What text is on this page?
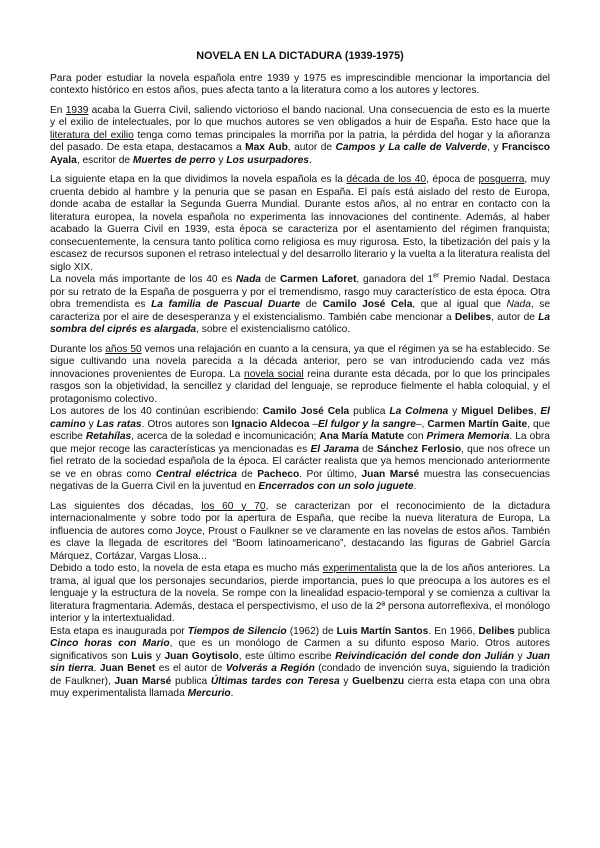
NOVELA EN LA DICTADURA (1939-1975)

Para poder estudiar la novela española entre 1939 y 1975 es imprescindible mencionar la importancia del contexto histórico en estos años, pues afecta tanto a la literatura como a los autores y lectores.

En 1939 acaba la Guerra Civil, saliendo victorioso el bando nacional. Una consecuencia de esto es la muerte y el exilio de intelectuales, por lo que muchos autores se ven obligados a huir de España. Esto hace que la literatura del exilio tenga como temas principales la morriña por la patria, la pérdida del hogar y la añoranza del pasado. De esta etapa, destacamos a Max Aub, autor de Campos y La calle de Valverde, y Francisco Ayala, escritor de Muertes de perro y Los usurpadores.

La siguiente etapa en la que dividimos la novela española es la década de los 40, época de posguerra, muy cruenta debido al hambre y la penuria que se pasan en España. El país está aislado del resto de Europa, donde acaba de estallar la Segunda Guerra Mundial. Durante estos años, al no entrar en contacto con la literatura europea, la novela española no experimenta las innovaciones del continente. Además, al haber acabado la Guerra Civil en 1939, esta época se caracteriza por el asentamiento del régimen franquista; consecuentemente, la censura tanto política como religiosa es muy rigurosa. Esto, la tibetización del país y la escasez de recursos suponen el retraso intelectual y del desarrollo literario y la vuelta a la literatura realista del siglo XIX.

La novela más importante de los 40 es Nada de Carmen Laforet, ganadora del 1er Premio Nadal. Destaca por su retrato de la España de posguerra y por el tremendismo, rasgo muy característico de esta época. Otra obra tremendista es La familia de Pascual Duarte de Camilo José Cela, que al igual que Nada, se caracteriza por el aire de desesperanza y el existencialismo. También cabe mencionar a Delibes, autor de La sombra del ciprés es alargada, sobre el existencialismo católico.

Durante los años 50 vemos una relajación en cuanto a la censura, ya que el régimen ya se ha establecido. Se sigue cultivando una novela parecida a la década anterior, pero se van introduciendo cada vez más innovaciones provenientes de Europa. La novela social reina durante esta década, por lo que los principales rasgos son la objetividad, la sencillez y claridad del lenguaje, se reproduce fielmente el habla coloquial, y el protagonismo colectivo.

Los autores de los 40 continúan escribiendo: Camilo José Cela publica La Colmena y Miguel Delibes, El camino y Las ratas. Otros autores son Ignacio Aldecoa –El fulgor y la sangre–, Carmen Martín Gaite, que escribe Retahílas, acerca de la soledad e incomunicación; Ana María Matute con Primera Memoria. La obra que mejor recoge las características ya mencionadas es El Jarama de Sánchez Ferlosio, que nos ofrece un fiel retrato de la sociedad española de la época. El carácter realista que ya hemos mencionado anteriormente se ve en obras como Central eléctrica de Pacheco. Por último, Juan Marsé muestra las consecuencias negativas de la Guerra Civil en la juventud en Encerrados con un solo juguete.

Las siguientes dos décadas, los 60 y 70, se caracterizan por el reconocimiento de la dictadura internacionalmente y sobre todo por la apertura de España, que recibe la nueva literatura de Europa, La influencia de autores como Joyce, Proust o Faulkner se ve claramente en las novelas de estos años. También es clave la llegada de escritores del “Boom latinoamericano”, destacando las figuras de Gabriel García Márquez, Cortázar, Vargas Llosa...

Debido a todo esto, la novela de esta etapa es mucho más experimentalista que la de los años anteriores. La trama, al igual que los personajes secundarios, pierde importancia, pues lo que preocupa a los autores es el lenguaje y la estructura de la novela. Se rompe con la linealidad espacio-temporal y se comienza a cultivar la literatura fragmentaria. Además, destaca el perspectivismo, el uso de la 2ª persona autorreflexiva, el monólogo interior y la intertextualidad.

Esta etapa es inaugurada por Tiempos de Silencio (1962) de Luis Martín Santos. En 1966, Delibes publica Cinco horas con Mario, que es un monólogo de Carmen a su difunto esposo Mario. Otros autores significativos son Luis y Juan Goytisolo, este último escribe Reivindicación del conde don Julián y Juan sin tierra. Juan Benet es el autor de Volverás a Región (condado de invención suya, siguiendo la tradición de Faulkner), Juan Marsé publica Últimas tardes con Teresa y Guelbenzu cierra esta etapa con una obra muy experimentalista llamada Mercurio.
